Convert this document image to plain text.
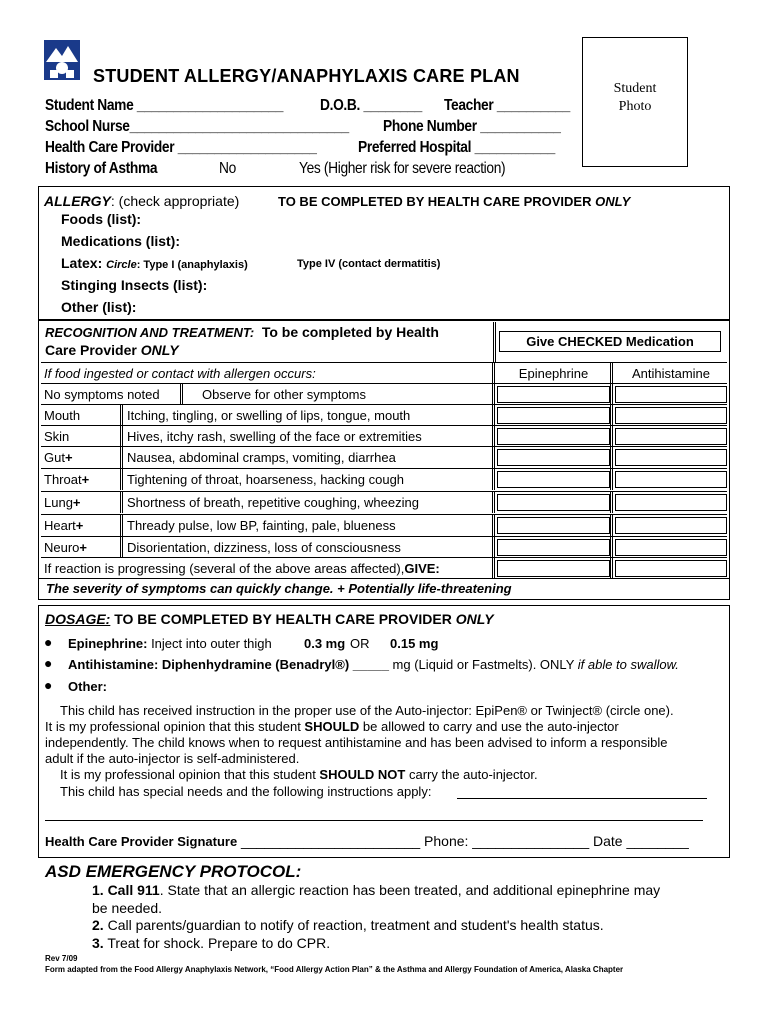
STUDENT ALLERGY/ANAPHYLAXIS CARE PLAN
Student Photo
Student Name ____________________ D.O.B. ________ Teacher __________
School Nurse______________________________ Phone Number ___________
Health Care Provider ___________________	Preferred Hospital ___________
History of Asthma	No	Yes (Higher risk for severe reaction)
ALLERGY: (check appropriate)	TO BE COMPLETED BY HEALTH CARE PROVIDER ONLY
Foods (list):
Medications (list):
Latex: Circle: Type I (anaphylaxis)	Type IV (contact dermatitis)
Stinging Insects (list):
Other (list):
RECOGNITION AND TREATMENT: To be completed by Health
Care Provider ONLY
Give CHECKED Medication
If food ingested or contact with allergen occurs:	Epinephrine	Antihistamine
No symptoms noted	Observe for other symptoms
Mouth	Itching, tingling, or swelling of lips, tongue, mouth
Skin	Hives, itchy rash, swelling of the face or extremities
Gut +	Nausea, abdominal cramps, vomiting, diarrhea
Throat +	Tightening of throat, hoarseness, hacking cough
Lung +	Shortness of breath, repetitive coughing, wheezing
Heart +	Thready pulse, low BP, fainting, pale, blueness
Neuro +	Disorientation, dizziness, loss of consciousness
If reaction is progressing (several of the above areas affected), GIVE:
The severity of symptoms can quickly change. + Potentially life-threatening
DOSAGE: TO BE COMPLETED BY HEALTH CARE PROVIDER ONLY
● Epinephrine: Inject into outer thigh 0.3 mg OR 0.15 mg
● Antihistamine: Diphenhydramine (Benadryl®) _____ mg (Liquid or Fastmelts). ONLY if able to swallow.
● Other:
This child has received instruction in the proper use of the Auto-injector: EpiPen® or Twinject® (circle one).
It is my professional opinion that this student SHOULD be allowed to carry and use the auto-injector
independently. The child knows when to request antihistamine and has been advised to inform a responsible
adult if the auto-injector is self-administered.
It is my professional opinion that this student SHOULD NOT carry the auto-injector.
This child has special needs and the following instructions apply:
Health Care Provider Signature _______________________ Phone: _______________ Date ________
ASD EMERGENCY PROTOCOL:
1. Call 911. State that an allergic reaction has been treated, and additional epinephrine may
be needed.
2. Call parents/guardian to notify of reaction, treatment and student's health status.
3. Treat for shock. Prepare to do CPR.
Rev 7/09
Form adapted from the Food Allergy Anaphylaxis Network, “Food Allergy Action Plan” & the Asthma and Allergy Foundation of America, Alaska Chapter
